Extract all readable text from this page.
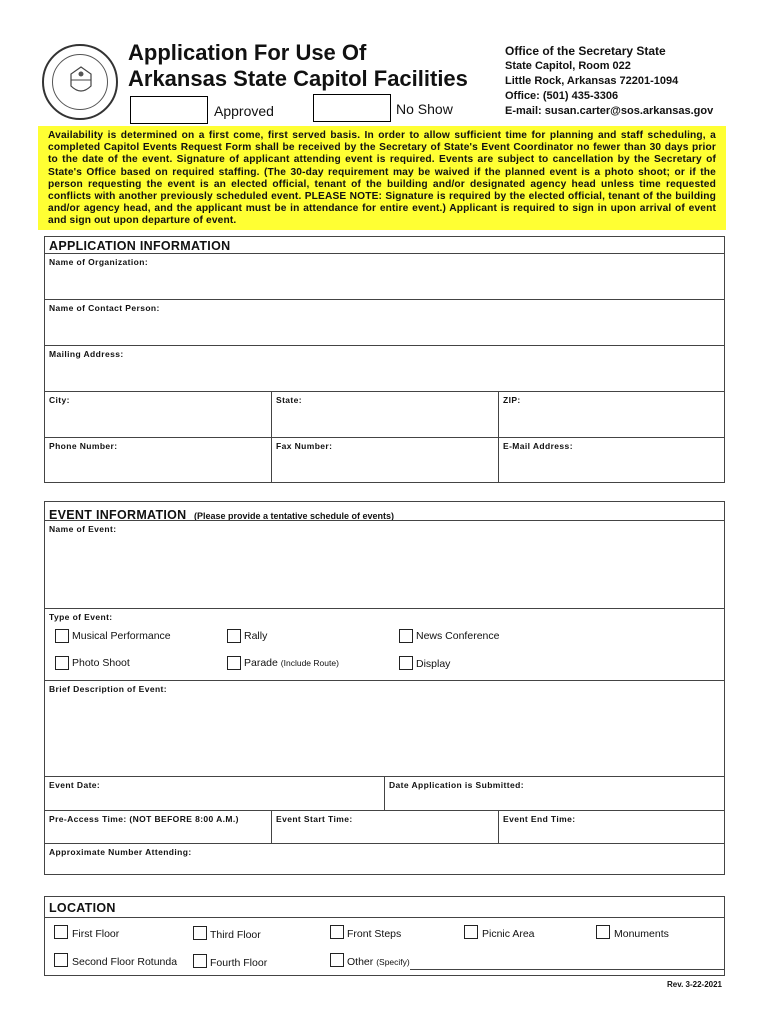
Application For Use Of
Arkansas State Capitol Facilities
Approved	No Show
Office of the Secretary State
State Capitol, Room 022
Little Rock, Arkansas 72201-1094
Office: (501) 435-3306
E-mail: susan.carter@sos.arkansas.gov
Availability is determined on a first come, first served basis. In order to allow sufficient time for planning and staff scheduling, a completed Capitol Events Request Form shall be received by the Secretary of State's Event Coordinator no fewer than 30 days prior to the date of the event. Signature of applicant attending event is required. Events are subject to cancellation by the Secretary of State's Office based on required staffing. (The 30-day requirement may be waived if the planned event is a photo shoot; or if the person requesting the event is an elected official, tenant of the building and/or designated agency head unless time requested conflicts with another previously scheduled event. PLEASE NOTE: Signature is required by the elected official, tenant of the building and/or agency head, and the applicant must be in attendance for entire event.) Applicant is required to sign in upon arrival of event and sign out upon departure of event.
APPLICATION INFORMATION
Name of Organization:
Name of Contact Person:
Mailing Address:
City:	State:	ZIP:
Phone Number:	Fax Number:	E-Mail Address:
EVENT INFORMATION (Please provide a tentative schedule of events)
Name of Event:
Type of Event:
Musical Performance	Rally	News Conference
Photo Shoot	Parade (Include Route)	Display
Brief Description of Event:
Event Date:	Date Application is Submitted:
Pre-Access Time: (NOT BEFORE 8:00 A.M.)	Event Start Time:	Event End Time:
Approximate Number Attending:
LOCATION
First Floor	Third Floor	Front Steps	Picnic Area	Monuments
Second Floor Rotunda	Fourth Floor	Other (Specify)
Rev. 3-22-2021
